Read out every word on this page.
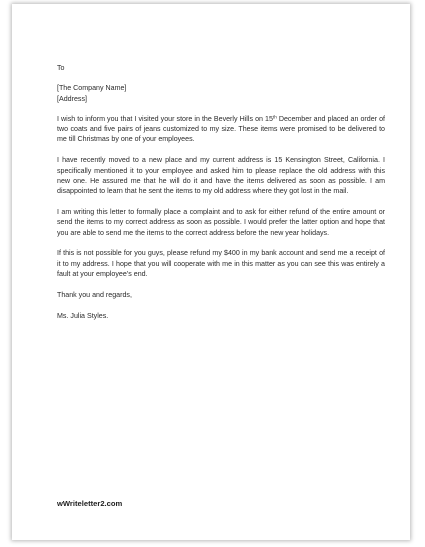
To

[The Company Name]

[Address]

I wish to inform you that I visited your store in the Beverly Hills on 15th December and placed an order of two coats and five pairs of jeans customized to my size. These items were promised to be delivered to me till Christmas by one of your employees.

I have recently moved to a new place and my current address is 15 Kensington Street, California. I specifically mentioned it to your employee and asked him to please replace the old address with this new one. He assured me that he will do it and have the items delivered as soon as possible. I am disappointed to learn that he sent the items to my old address where they got lost in the mail.

I am writing this letter to formally place a complaint and to ask for either refund of the entire amount or send the items to my correct address as soon as possible. I would prefer the latter option and hope that you are able to send me the items to the correct address before the new year holidays.

If this is not possible for you guys, please refund my $400 in my bank account and send me a receipt of it to my address. I hope that you will cooperate with me in this matter as you can see this was entirely a fault at your employee’s end.

Thank you and regards,

Ms. Julia Styles.

wWriteletter2.com
